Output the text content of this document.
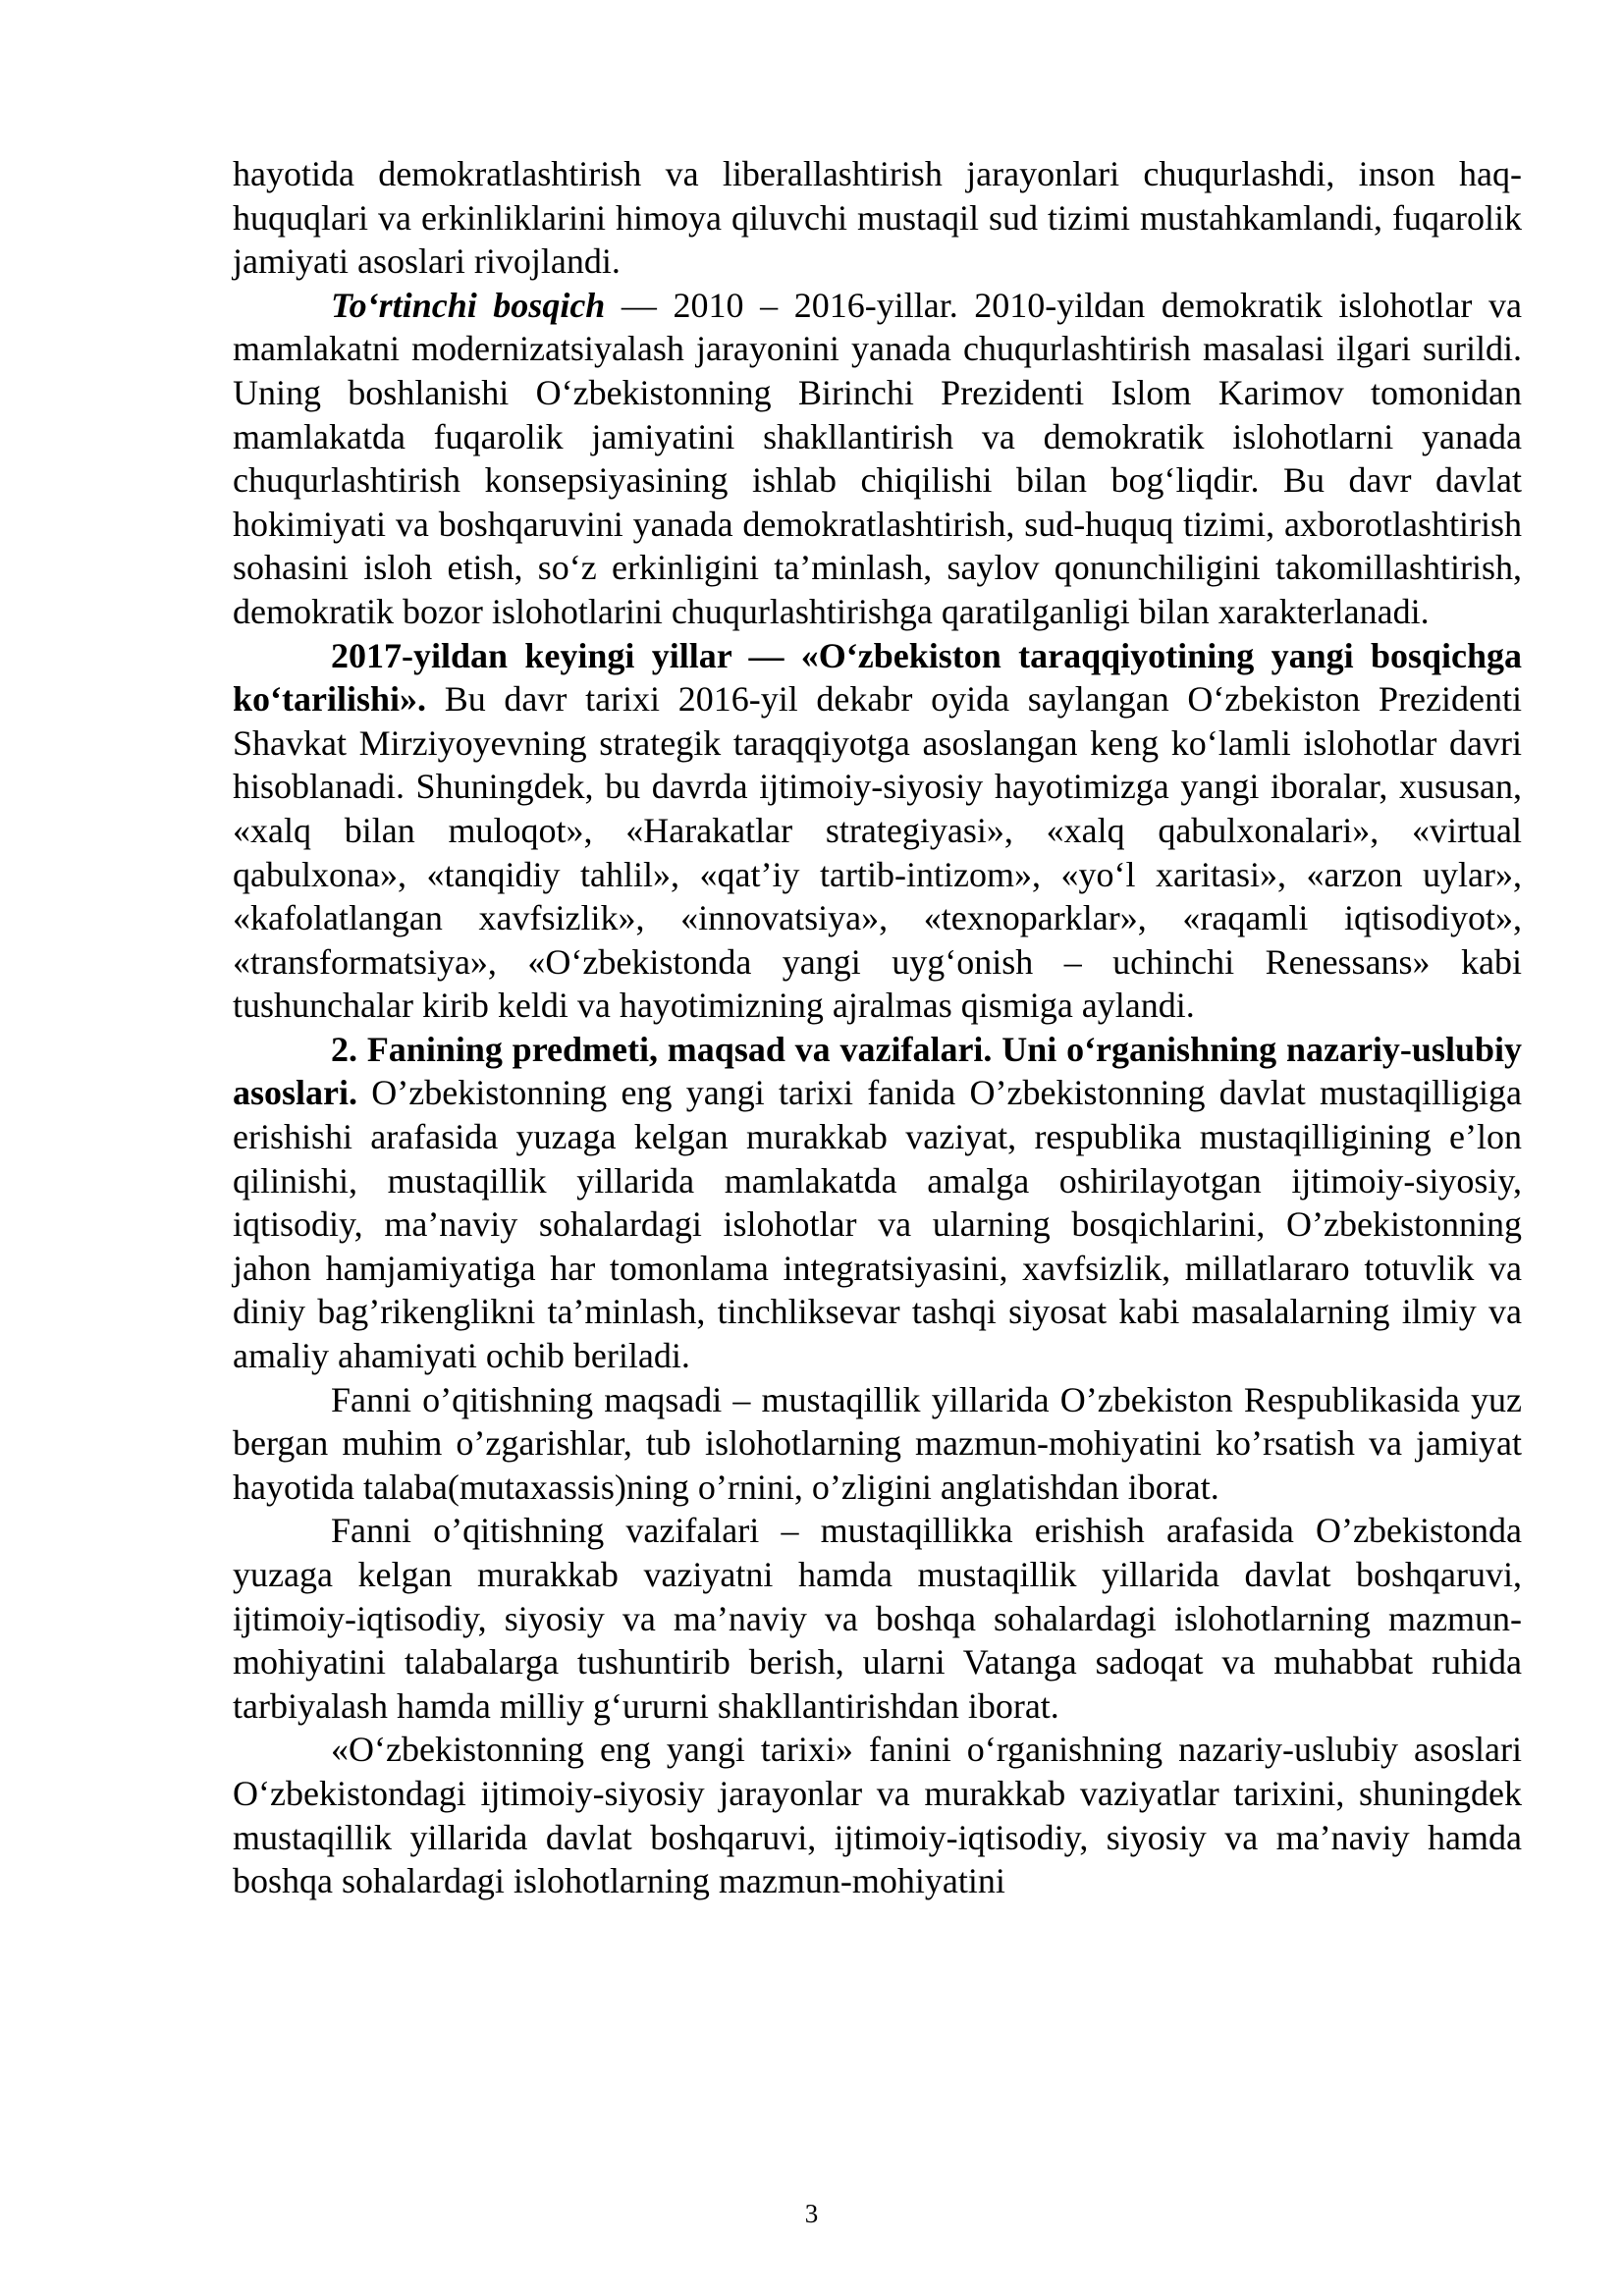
hayotida demokratlashtirish va liberallashtirish jarayonlari chuqurlashdi, inson haq-huquqlari va erkinliklarini himoya qiluvchi mustaqil sud tizimi mustahkamlandi, fuqarolik jamiyati asoslari rivojlandi.

To‘rtinchi bosqich — 2010 – 2016-yillar. 2010-yildan demokratik islohotlar va mamlakatni modernizatsiyalash jarayonini yanada chuqurlashtirish masalasi ilgari surildi. Uning boshlanishi O‘zbekistonning Birinchi Prezidenti Islom Karimov tomonidan mamlakatda fuqarolik jamiyatini shakllantirish va demokratik islohotlarni yanada chuqurlashtirish konsepsiyasining ishlab chiqilishi bilan bog‘liqdir. Bu davr davlat hokimiyati va boshqaruvini yanada demokratlashtirish, sud-huquq tizimi, axborotlashtirish sohasini isloh etish, so‘z erkinligini ta’minlash, saylov qonunchiligini takomillashtirish, demokratik bozor islohotlarini chuqurlashtirishga qaratilganligi bilan xarakterlanadi.

2017-yildan keyingi yillar — «O‘zbekiston taraqqiyotining yangi bosqichga ko‘tarilishi». Bu davr tarixi 2016-yil dekabr oyida saylangan O‘zbekiston Prezidenti Shavkat Mirziyoyevning strategik taraqqiyotga asoslangan keng ko‘lamli islohotlar davri hisoblanadi. Shuningdek, bu davrda ijtimoiy-siyosiy hayotimizga yangi iboralar, xususan, «xalq bilan muloqot», «Harakatlar strategiyasi», «xalq qabulxonalari», «virtual qabulxona», «tanqidiy tahlil», «qat’iy tartib-intizom», «yo‘l xaritasi», «arzon uylar», «kafolatlangan xavfsizlik», «innovatsiya», «texnoparklar», «raqamli iqtisodiyot», «transformatsiya», «O‘zbekistonda yangi uyg‘onish – uchinchi Renessans» kabi tushunchalar kirib keldi va hayotimizning ajralmas qismiga aylandi.

2. Fanining predmeti, maqsad va vazifalari. Uni o‘rganishning nazariy-uslubiy asoslari. O’zbekistonning eng yangi tarixi fanida O’zbekistonning davlat mustaqilligiga erishishi arafasida yuzaga kelgan murakkab vaziyat, respublika mustaqilligining e’lon qilinishi, mustaqillik yillarida mamlakatda amalga oshirilayotgan ijtimoiy-siyosiy, iqtisodiy, ma’naviy sohalardagi islohotlar va ularning bosqichlarini, O’zbekistonning jahon hamjamiyatiga har tomonlama integratsiyasini, xavfsizlik, millatlararo totuvlik va diniy bag’rikenglikni ta’minlash, tinchliksevar tashqi siyosat kabi masalalarning ilmiy va amaliy ahamiyati ochib beriladi.

Fanni o’qitishning maqsadi – mustaqillik yillarida O’zbekiston Respublikasida yuz bergan muhim o’zgarishlar, tub islohotlarning mazmun-mohiyatini ko’rsatish va jamiyat hayotida talaba(mutaxassis)ning o’rnini, o’zligini anglatishdan iborat.

Fanni o’qitishning vazifalari – mustaqillikka erishish arafasida O’zbekistonda yuzaga kelgan murakkab vaziyatni hamda mustaqillik yillarida davlat boshqaruvi, ijtimoiy-iqtisodiy, siyosiy va ma’naviy va boshqa sohalardagi islohotlarning mazmun-mohiyatini talabalarga tushuntirib berish, ularni Vatanga sadoqat va muhabbat ruhida tarbiyalash hamda milliy g‘ururni shakllantirishdan iborat.

«O‘zbekistonning eng yangi tarixi» fanini o‘rganishning nazariy-uslubiy asoslari O‘zbekistondagi ijtimoiy-siyosiy jarayonlar va murakkab vaziyatlar tarixini, shuningdek mustaqillik yillarida davlat boshqaruvi, ijtimoiy-iqtisodiy, siyosiy va ma’naviy hamda boshqa sohalardagi islohotlarning mazmun-mohiyatini

3
